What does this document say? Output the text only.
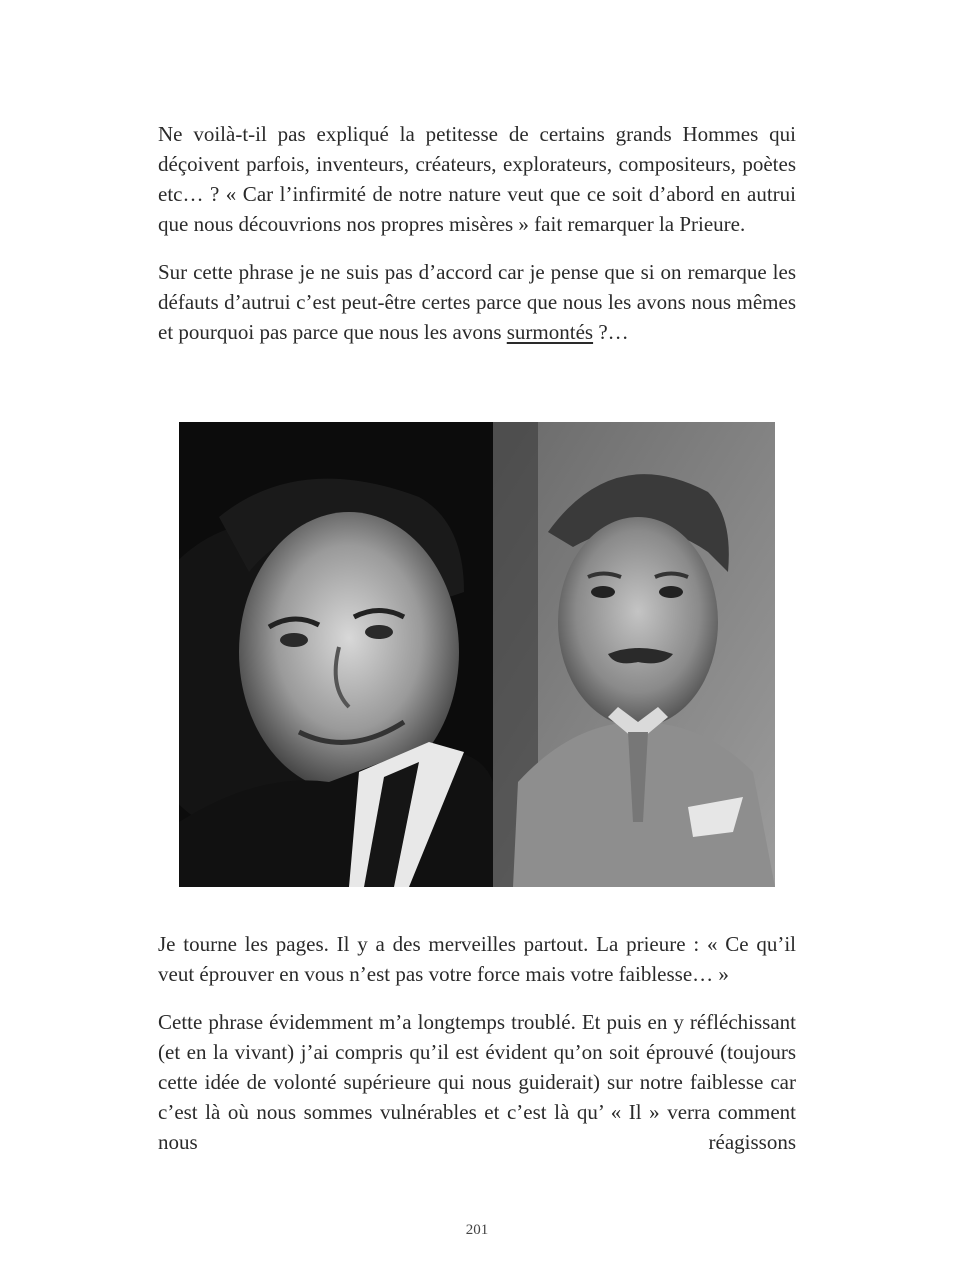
Ne voilà-t-il pas expliqué la petitesse de certains grands Hommes qui déçoivent parfois, inventeurs, créateurs, explorateurs, compositeurs, poètes etc… ? « Car l’infirmité de notre nature veut que ce soit d’abord en autrui que nous découvrions nos propres misères » fait remarquer la Prieure.

Sur cette phrase je ne suis pas d’accord car je pense que si on remarque les défauts d’autrui c’est peut-être certes parce que nous les avons nous mêmes et pourquoi pas parce que nous les avons surmontés ?…

Je tourne les pages. Il y a des merveilles partout. La prieure : « Ce qu’il veut éprouver en vous n’est pas votre force mais votre faiblesse… »

Cette phrase évidemment m’a longtemps troublé. Et puis en y réfléchissant (et en la vivant) j’ai compris qu’il est évident qu’on soit éprouvé (toujours cette idée de volonté supérieure qui nous guiderait) sur notre faiblesse car c’est là où nous sommes vulnérables et c’est là qu’ « Il » verra comment nous réagissons

201
